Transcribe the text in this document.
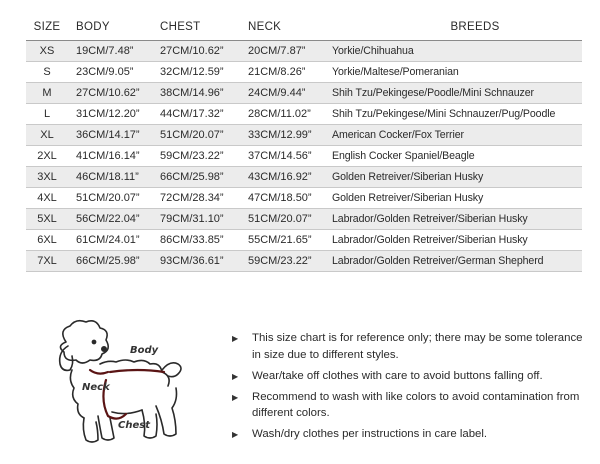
SIZE	BODY	CHEST	NECK	BREEDS
XS	19CM/7.48”	27CM/10.62”	20CM/7.87”	Yorkie/Chihuahua
S	23CM/9.05”	32CM/12.59”	21CM/8.26”	Yorkie/Maltese/Pomeranian
M	27CM/10.62”	38CM/14.96”	24CM/9.44”	Shih Tzu/Pekingese/Poodle/Mini Schnauzer
L	31CM/12.20”	44CM/17.32”	28CM/11.02”	Shih Tzu/Pekingese/Mini Schnauzer/Pug/Poodle
XL	36CM/14.17”	51CM/20.07”	33CM/12.99”	American Cocker/Fox Terrier
2XL	41CM/16.14”	59CM/23.22”	37CM/14.56”	English Cocker Spaniel/Beagle
3XL	46CM/18.11”	66CM/25.98”	43CM/16.92”	Golden Retreiver/Siberian Husky
4XL	51CM/20.07”	72CM/28.34”	47CM/18.50”	Golden Retreiver/Siberian Husky
5XL	56CM/22.04”	79CM/31.10”	51CM/20.07”	Labrador/Golden Retreiver/Siberian Husky
6XL	61CM/24.01”	86CM/33.85”	55CM/21.65”	Labrador/Golden Retreiver/Siberian Husky
7XL	66CM/25.98”	93CM/36.61”	59CM/23.22”	Labrador/Golden Retreiver/German Shepherd
Body
Neck
Chest

▶ This size chart is for reference only; there may be some tolerance in size due to different styles.

▶ Wear/take off clothes with care to avoid buttons falling off.

▶ Recommend to wash with like colors to avoid contamination from different colors.

▶ Wash/dry clothes per instructions in care label.
